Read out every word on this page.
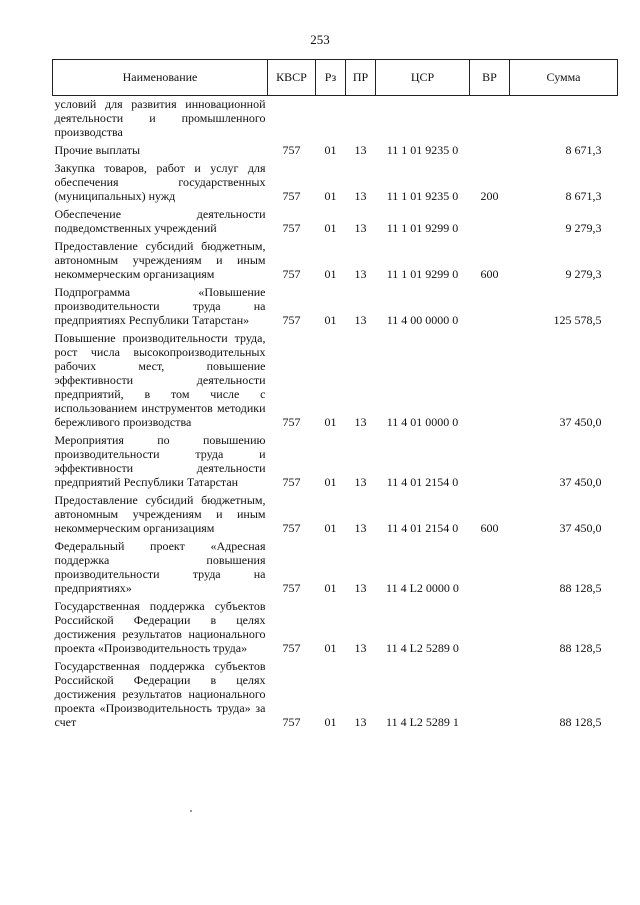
253
Наименование	КВСР	Рз	ПР	ЦСР	ВР	Сумма
условий для развития инновационной деятельности и промышленного производства						
Прочие выплаты	757	01	13	11 1 01 9235 0		8 671,3
Закупка товаров, работ и услуг для обеспечения государственных (муниципальных) нужд	757	01	13	11 1 01 9235 0	200	8 671,3
Обеспечение деятельности подведомственных учреждений	757	01	13	11 1 01 9299 0		9 279,3
Предоставление субсидий бюджетным, автономным учреждениям и иным некоммерческим организациям	757	01	13	11 1 01 9299 0	600	9 279,3
Подпрограмма «Повышение производительности труда на предприятиях Республики Татарстан»	757	01	13	11 4 00 0000 0		125 578,5
Повышение производительности труда, рост числа высокопроизводительных рабочих мест, повышение эффективности деятельности предприятий, в том числе с использованием инструментов методики бережливого производства	757	01	13	11 4 01 0000 0		37 450,0
Мероприятия по повышению производительности труда и эффективности деятельности предприятий Республики Татарстан	757	01	13	11 4 01 2154 0		37 450,0
Предоставление субсидий бюджетным, автономным учреждениям и иным некоммерческим организациям	757	01	13	11 4 01 2154 0	600	37 450,0
Федеральный проект «Адресная поддержка повышения производительности труда на предприятиях»	757	01	13	11 4 L2 0000 0		88 128,5
Государственная поддержка субъектов Российской Федерации в целях достижения результатов национального проекта «Производительность труда»	757	01	13	11 4 L2 5289 0		88 128,5
Государственная поддержка субъектов Российской Федерации в целях достижения результатов национального проекта «Производительность труда» за счет	757	01	13	11 4 L2 5289 1		88 128,5
